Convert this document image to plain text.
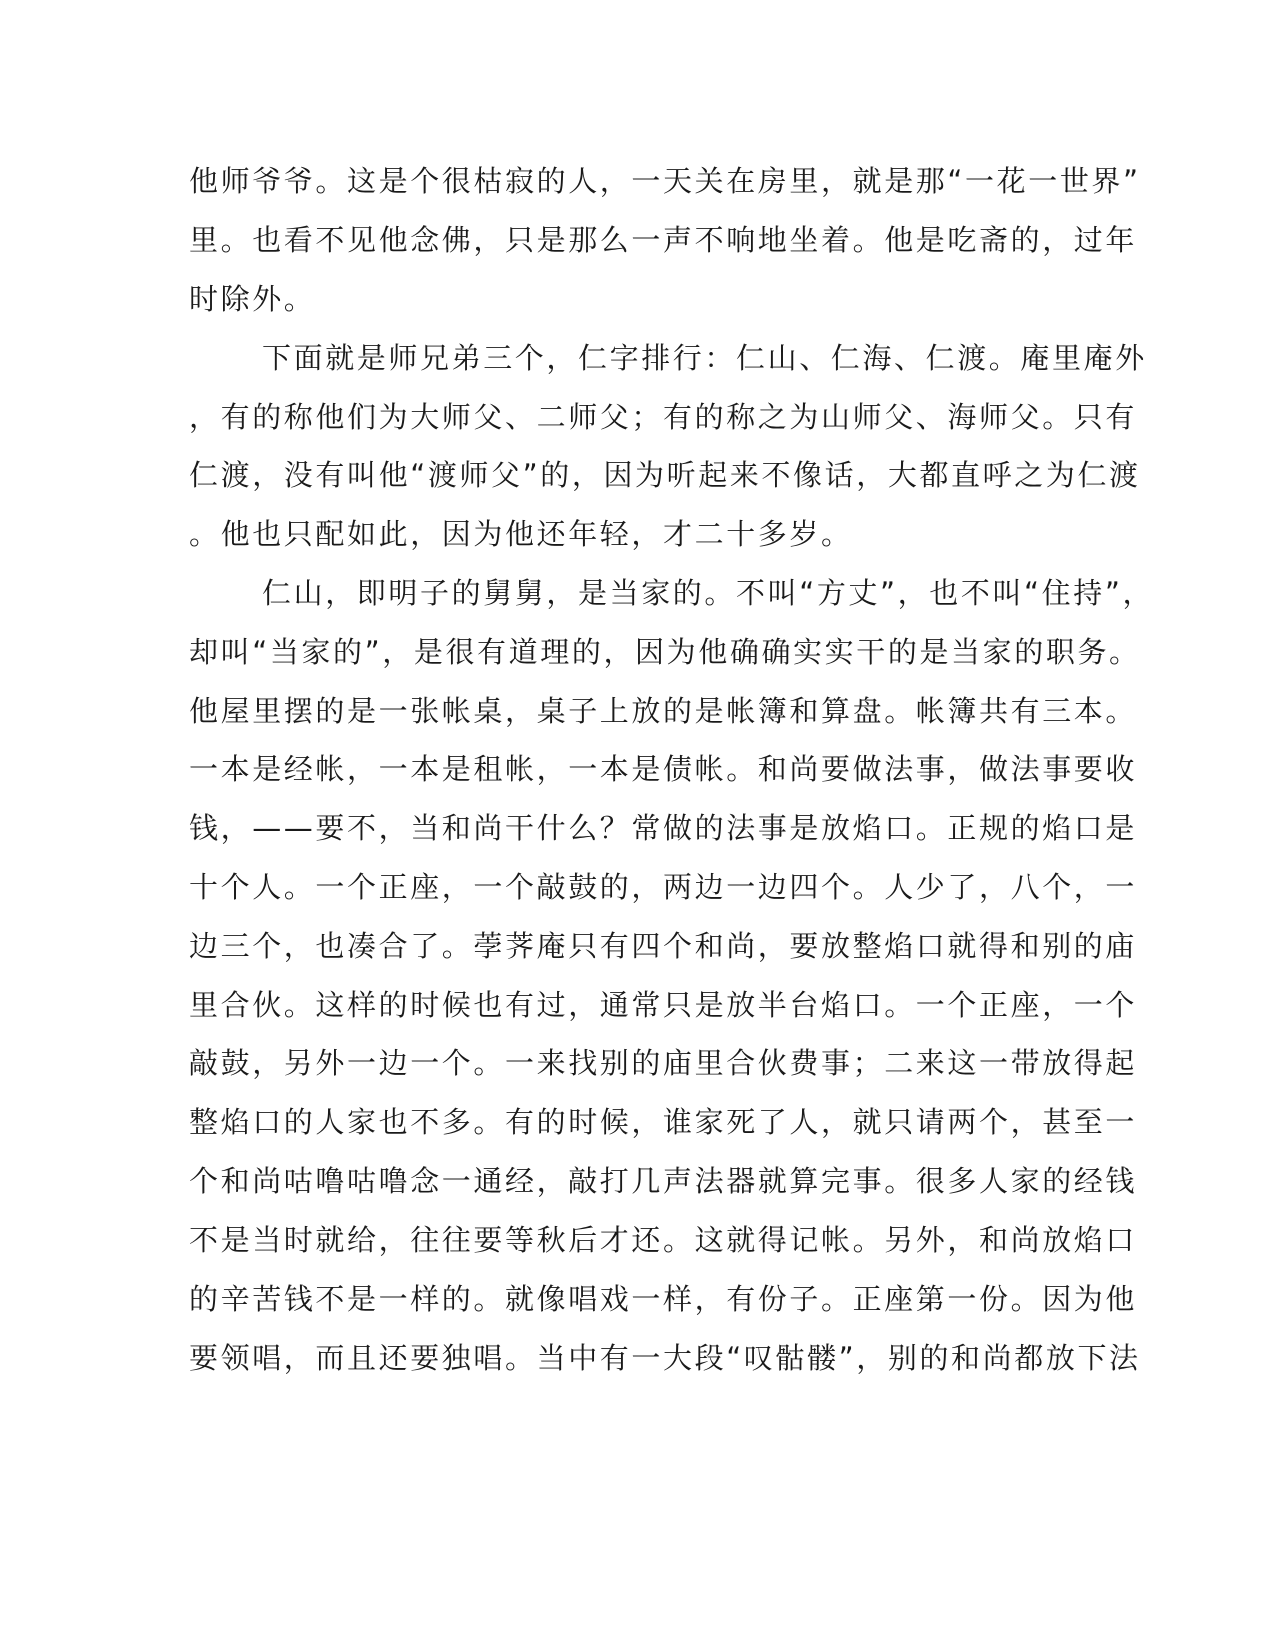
他师爷爷。这是个很枯寂的人，一天关在房里，就是那“一花一世界”
里。也看不见他念佛，只是那么一声不响地坐着。他是吃斋的，过年
时除外。
下面就是师兄弟三个，仁字排行：仁山、仁海、仁渡。庵里庵外
，有的称他们为大师父、二师父；有的称之为山师父、海师父。只有
仁渡，没有叫他“渡师父”的，因为听起来不像话，大都直呼之为仁渡
。他也只配如此，因为他还年轻，才二十多岁。
仁山，即明子的舅舅，是当家的。不叫“方丈”，也不叫“住持”，
却叫“当家的”，是很有道理的，因为他确确实实干的是当家的职务。
他屋里摆的是一张帐桌，桌子上放的是帐簿和算盘。帐簿共有三本。
一本是经帐，一本是租帐，一本是债帐。和尚要做法事，做法事要收
钱，——要不，当和尚干什么？常做的法事是放焰口。正规的焰口是
十个人。一个正座，一个敲鼓的，两边一边四个。人少了，八个，一
边三个，也凑合了。荸荠庵只有四个和尚，要放整焰口就得和别的庙
里合伙。这样的时候也有过，通常只是放半台焰口。一个正座，一个
敲鼓，另外一边一个。一来找别的庙里合伙费事；二来这一带放得起
整焰口的人家也不多。有的时候，谁家死了人，就只请两个，甚至一
个和尚咕噜咕噜念一通经，敲打几声法器就算完事。很多人家的经钱
不是当时就给，往往要等秋后才还。这就得记帐。另外，和尚放焰口
的辛苦钱不是一样的。就像唱戏一样，有份子。正座第一份。因为他
要领唱，而且还要独唱。当中有一大段“叹骷髅”，别的和尚都放下法
